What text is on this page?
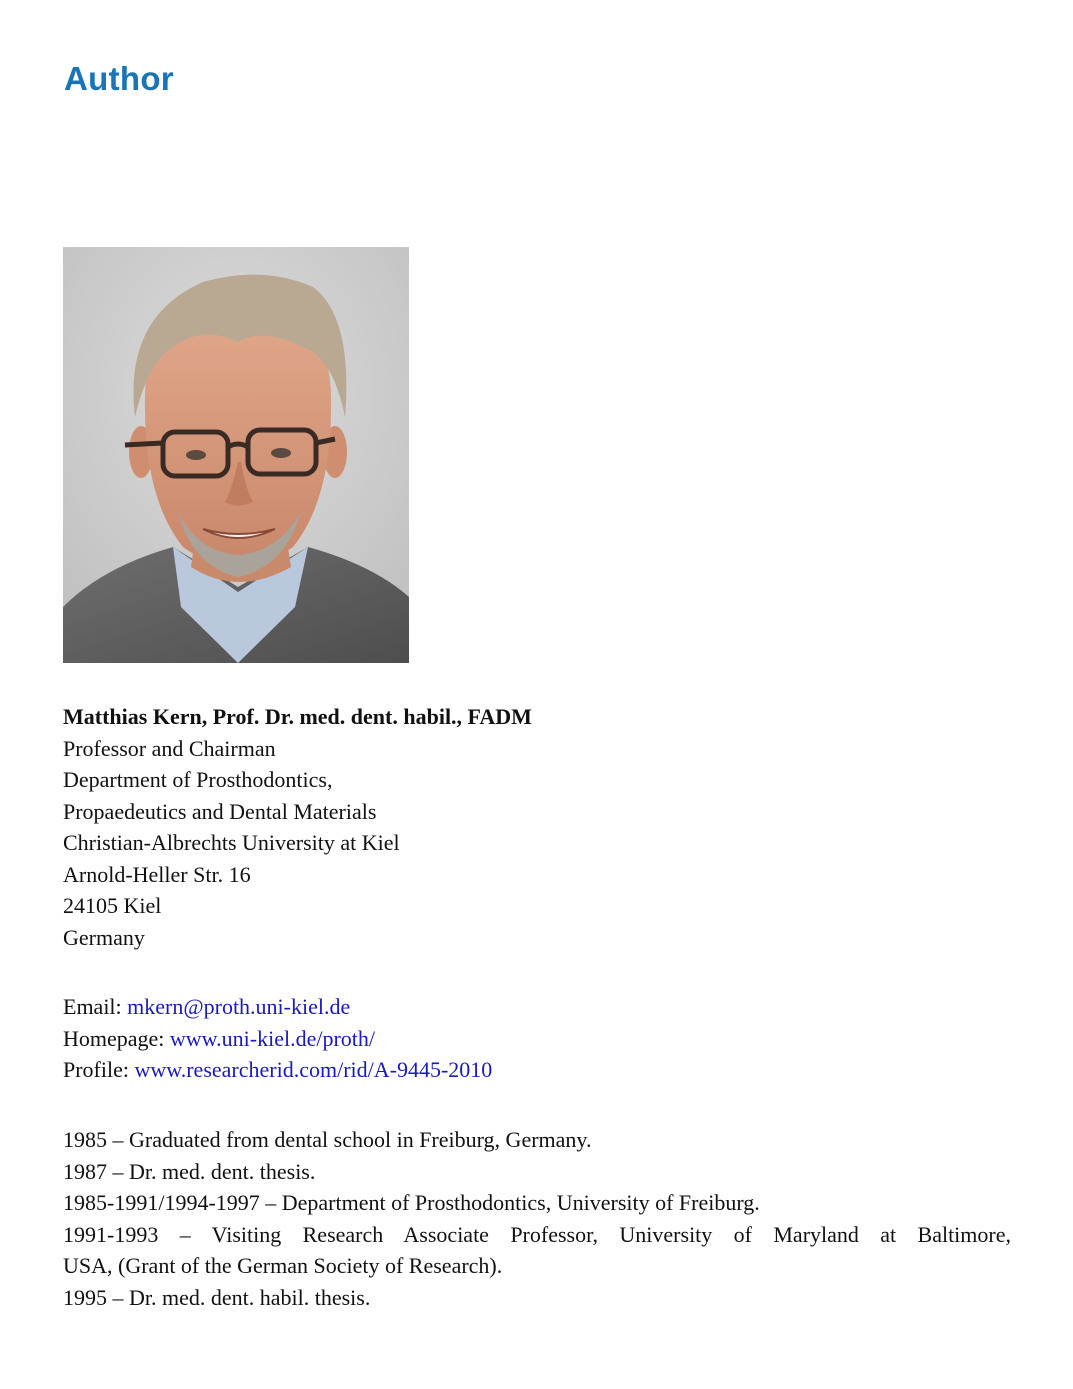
Author
Matthias Kern, Prof. Dr. med. dent. habil., FADM
Professor and Chairman
Department of Prosthodontics,
Propaedeutics and Dental Materials
Christian-Albrechts University at Kiel
Arnold-Heller Str. 16
24105 Kiel
Germany
Email: mkern@proth.uni-kiel.de
Homepage: www.uni-kiel.de/proth/
Profile: www.researcherid.com/rid/A-9445-2010
1985 – Graduated from dental school in Freiburg, Germany.
1987 – Dr. med. dent. thesis.
1985-1991/1994-1997 – Department of Prosthodontics, University of Freiburg.
1991-1993 – Visiting Research Associate Professor, University of Maryland at Baltimore,
USA, (Grant of the German Society of Research).
1995 – Dr. med. dent. habil. thesis.
